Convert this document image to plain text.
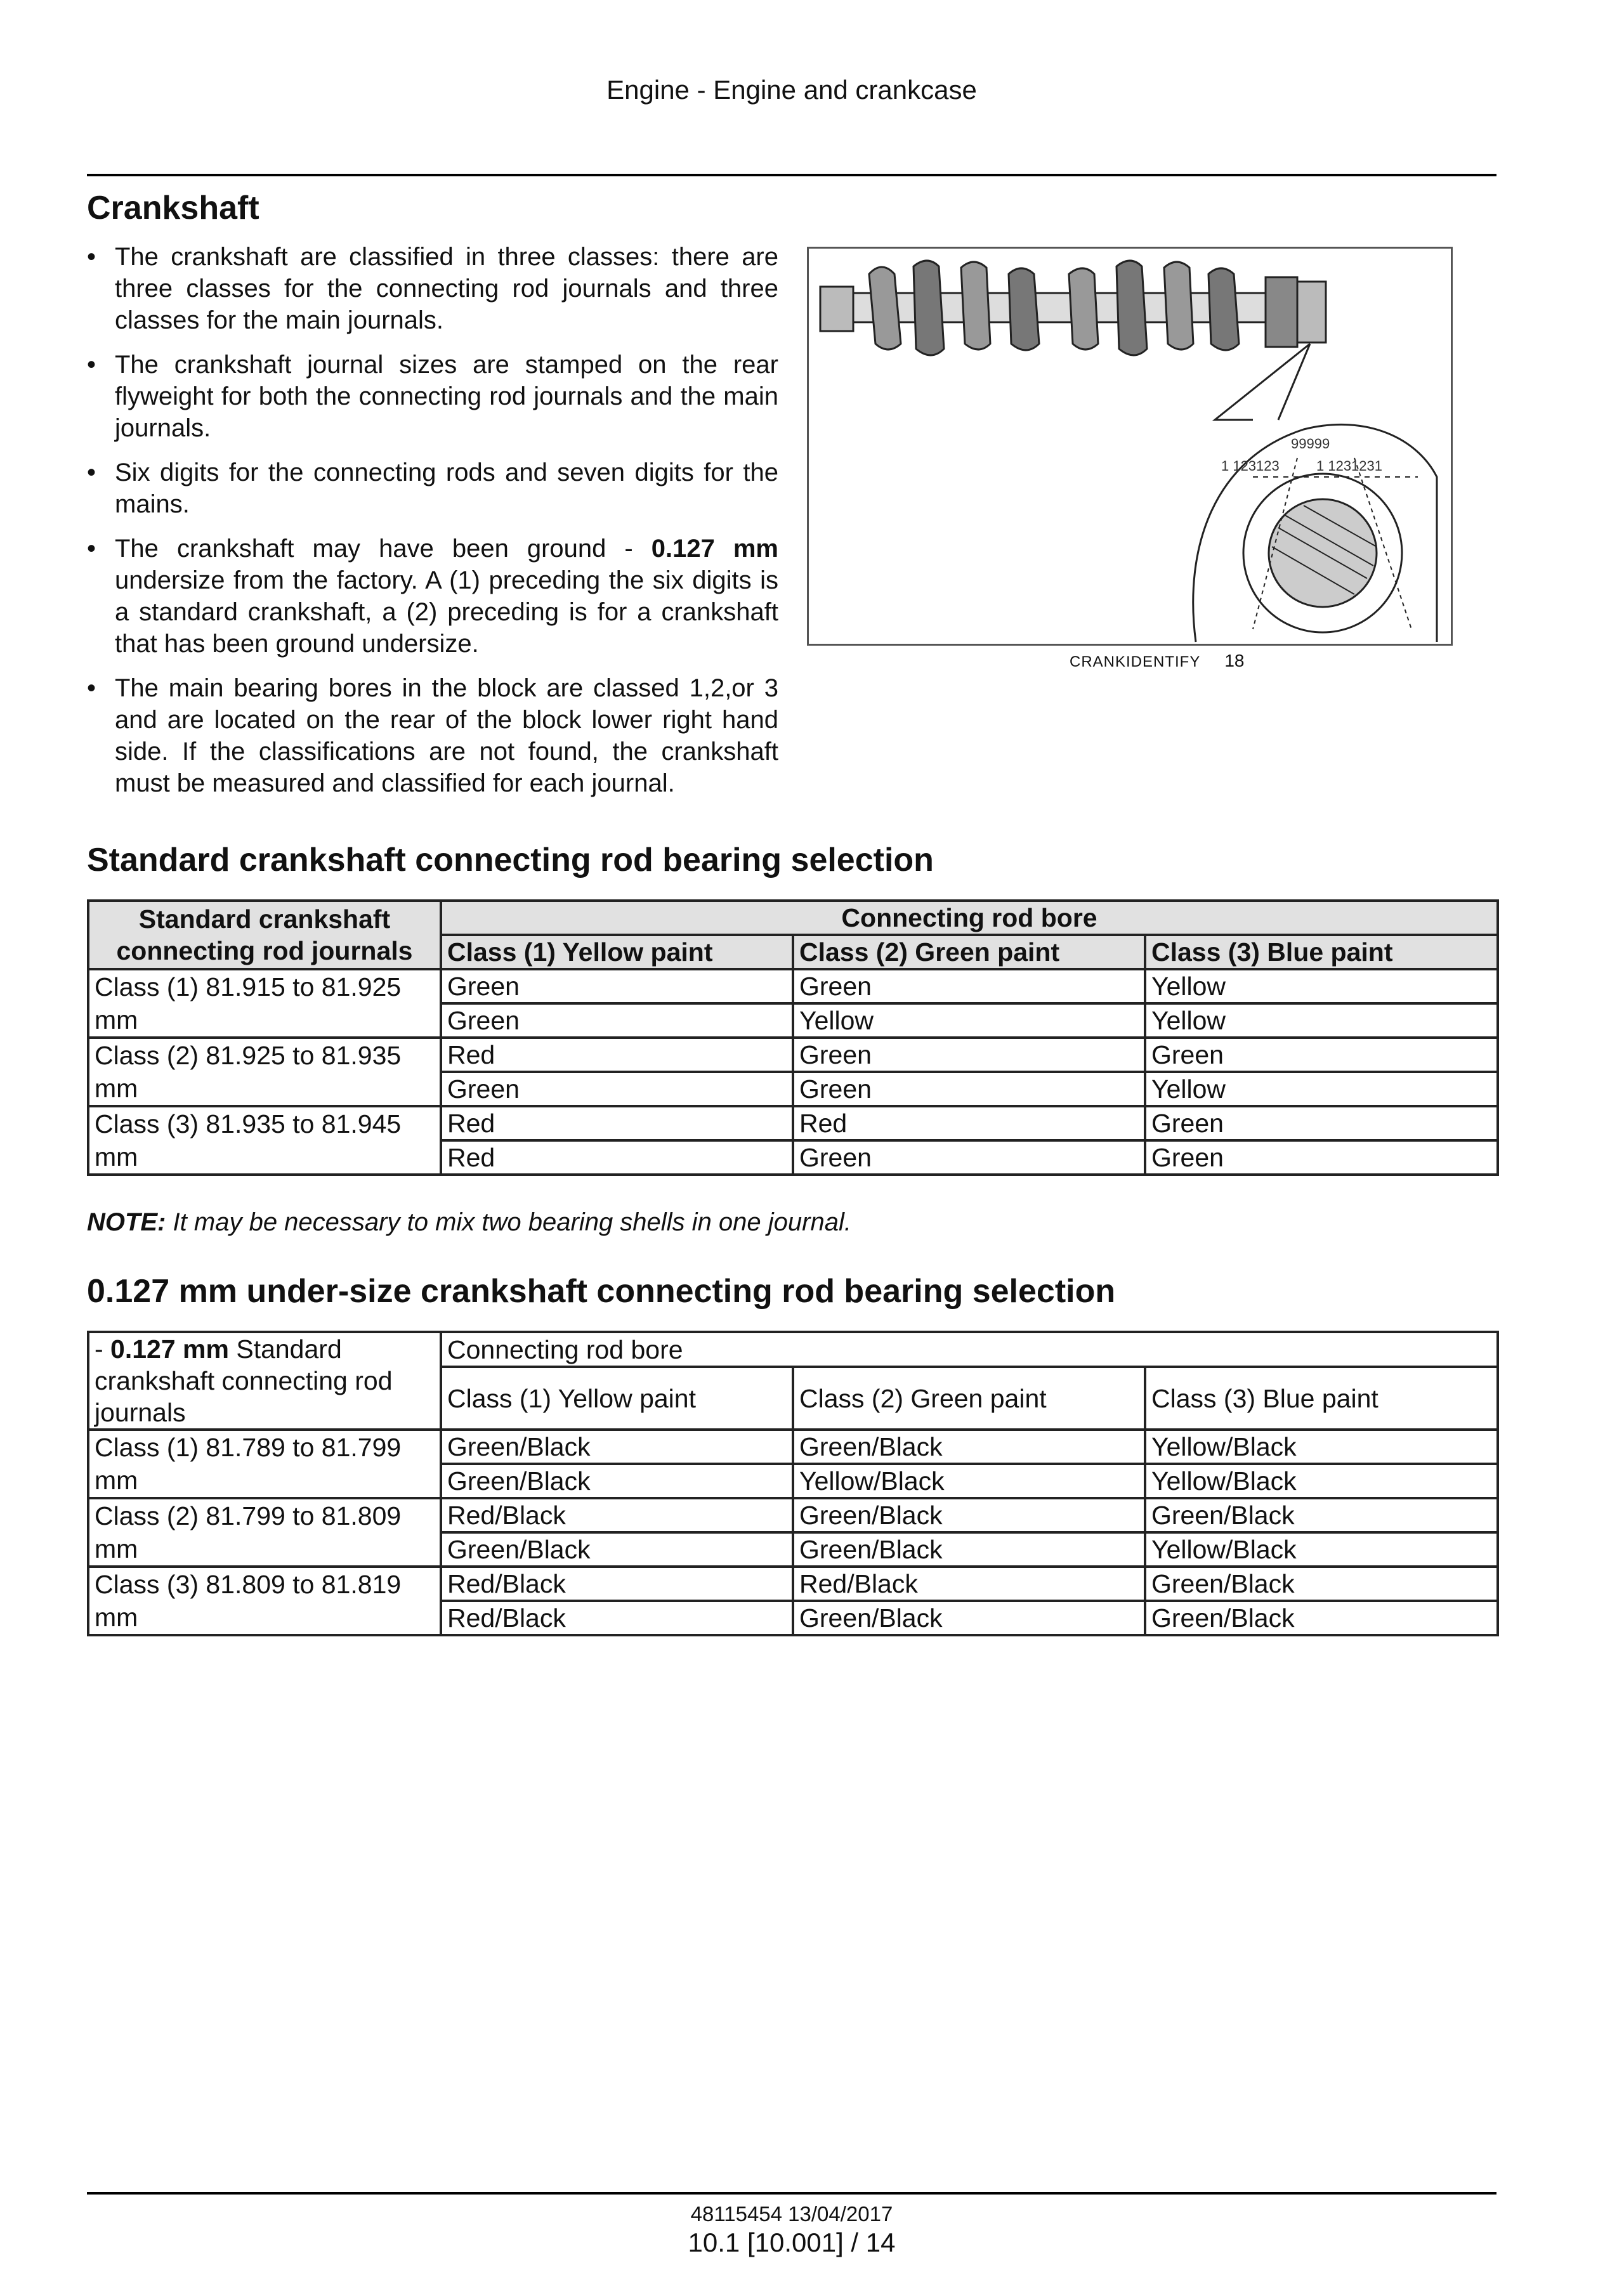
Engine - Engine and crankcase
Crankshaft
• The crankshaft are classified in three classes: there are three classes for the connecting rod journals and three classes for the main journals.
• The crankshaft journal sizes are stamped on the rear flyweight for both the connecting rod journals and the main journals.
• Six digits for the connecting rods and seven digits for the mains.
• The crankshaft may have been ground - 0.127 mm undersize from the factory. A (1) preceding the six digits is a standard crankshaft, a (2) preceding is for a crankshaft that has been ground undersize.
• The main bearing bores in the block are classed 1,2,or 3 and are located on the rear of the block lower right hand side. If the classifications are not found, the crankshaft must be measured and classified for each journal.
99999
1 123123	1 1231231
CRANKIDENTIFY 18
Standard crankshaft connecting rod bearing selection
Standard crankshaft connecting rod journals	Connecting rod bore		
	Class (1) Yellow paint	Class (2) Green paint	Class (3) Blue paint
Class (1) 81.915 to 81.925 mm	Green	Green	Yellow
	Green	Yellow	Yellow
Class (2) 81.925 to 81.935 mm	Red	Green	Green
	Green	Green	Yellow
Class (3) 81.935 to 81.945 mm	Red	Red	Green
	Red	Green	Green
NOTE: It may be necessary to mix two bearing shells in one journal.
0.127 mm under-size crankshaft connecting rod bearing selection
- 0.127 mm Standard crankshaft connecting rod journals	Connecting rod bore		
	Class (1) Yellow paint	Class (2) Green paint	Class (3) Blue paint
Class (1) 81.789 to 81.799 mm	Green/Black	Green/Black	Yellow/Black
	Green/Black	Yellow/Black	Yellow/Black
Class (2) 81.799 to 81.809 mm	Red/Black	Green/Black	Green/Black
	Green/Black	Green/Black	Yellow/Black
Class (3) 81.809 to 81.819 mm	Red/Black	Red/Black	Green/Black
	Red/Black	Green/Black	Green/Black
48115454 13/04/2017
10.1 [10.001] / 14
